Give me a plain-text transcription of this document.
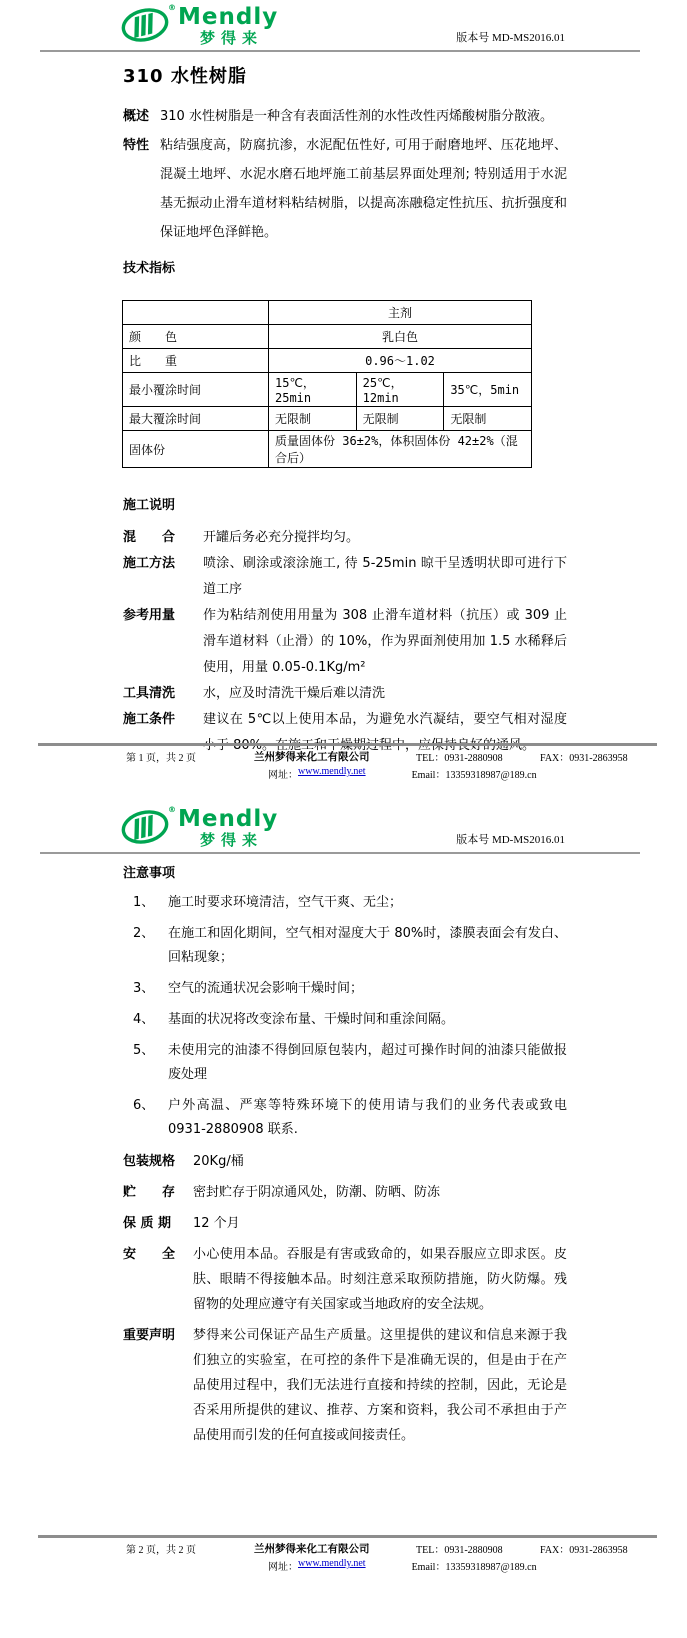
® Mendly
梦得来	版本号 MD-MS2016.01
310 水性树脂
概述 310 水性树脂是一种含有表面活性剂的水性改性丙烯酸树脂分散液。
特性 粘结强度高，防腐抗渗，水泥配伍性好, 可用于耐磨地坪、压花地坪、混凝土地坪、水泥水磨石地坪施工前基层界面处理剂; 特别适用于水泥基无振动止滑车道材料粘结树脂，以提高冻融稳定性抗压、抗折强度和保证地坪色泽鲜艳。
技术指标
	主剂		
颜　　色	乳白色		
比　　重	0.96～1.02		
最小覆涂时间	15℃，25min	25℃，12min	35℃，5min
最大覆涂时间	无限制	无限制	无限制
固体份	质量固体份 36±2%，体积固体份 42±2%（混合后）		
施工说明
混　　合	开罐后务必充分搅拌均匀。
施工方法	喷涂、刷涂或滚涂施工, 待 5-25min 晾干呈透明状即可进行下道工序
参考用量	作为粘结剂使用用量为 308 止滑车道材料（抗压）或 309 止滑车道材料（止滑）的 10%，作为界面剂使用加 1.5 水稀释后使用，用量 0.05-0.1Kg/m²
工具清洗	水，应及时清洗干燥后难以清洗
施工条件	建议在 5℃以上使用本品，为避免水汽凝结，要空气相对湿度小于 80%。在施工和干燥期过程中，应保持良好的通风。
第 1 页，共 2 页	兰州梦得来化工有限公司	TEL：0931-2880908	FAX：0931-2863958
网址： www.mendly.net	Email：13359318987@189.cn
® Mendly
梦得来	版本号 MD-MS2016.01
注意事项
1、	施工时要求环境清洁，空气干爽、无尘；
2、	在施工和固化期间，空气相对湿度大于 80%时，漆膜表面会有发白、回粘现象；
3、	空气的流通状况会影响干燥时间；
4、	基面的状况将改变涂布量、干燥时间和重涂间隔。
5、	未使用完的油漆不得倒回原包装内，超过可操作时间的油漆只能做报废处理
6、	户外高温、严寒等特殊环境下的使用请与我们的业务代表或致电 0931-2880908 联系.
包装规格	20Kg/桶
贮　　存	密封贮存于阴凉通风处，防潮、防晒、防冻
保 质 期	12 个月
安　　全	小心使用本品。吞服是有害或致命的，如果吞服应立即求医。皮肤、眼睛不得接触本品。时刻注意采取预防措施，防火防爆。残留物的处理应遵守有关国家或当地政府的安全法规。
重要声明	梦得来公司保证产品生产质量。这里提供的建议和信息来源于我们独立的实验室，在可控的条件下是准确无误的，但是由于在产品使用过程中，我们无法进行直接和持续的控制，因此，无论是否采用所提供的建议、推荐、方案和资料，我公司不承担由于产品使用而引发的任何直接或间接责任。
第 2 页，共 2 页	兰州梦得来化工有限公司	TEL：0931-2880908	FAX：0931-2863958
网址： www.mendly.net	Email：13359318987@189.cn
